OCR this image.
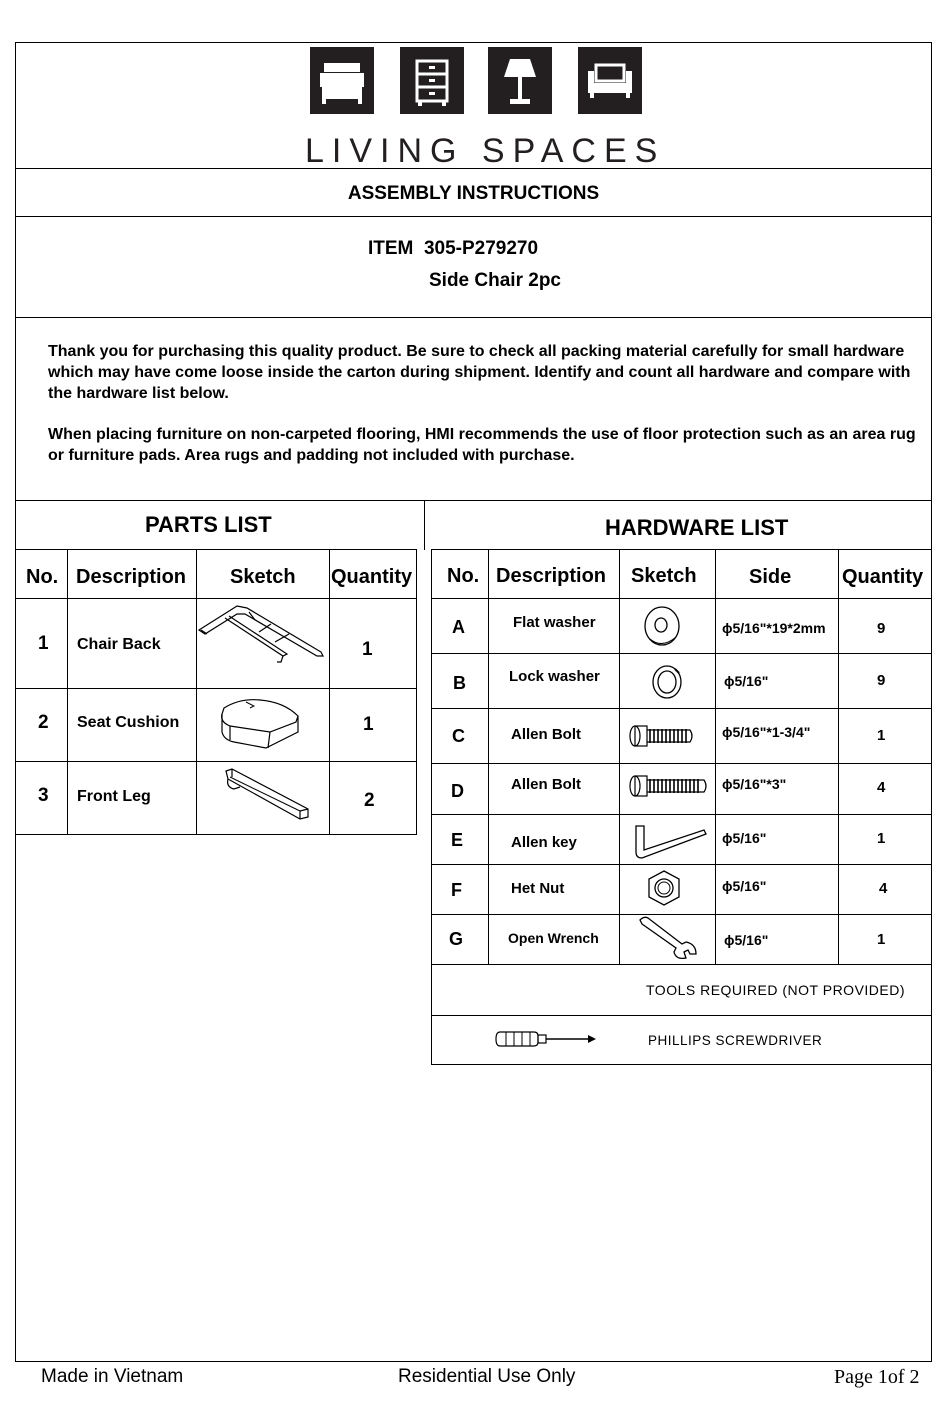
LIVING SPACES
ASSEMBLY INSTRUCTIONS
ITEM 305-P279270
Side Chair 2pc
Thank you for purchasing this quality product. Be sure to check all packing material carefully for small hardware which may have come loose inside the carton during shipment. Identify and count all hardware and compare with the hardware list below.
When placing furniture on non-carpeted flooring, HMI recommends the use of floor protection such as an area rug or furniture pads. Area rugs and padding not included with purchase.
PARTS LIST
No. Description Sketch Quantity
1 Chair Back	1
2 Seat Cushion	1
3 Front Leg	2
HARDWARE LIST
No. Description Sketch	Side	Quantity
A	Flat washer	ɸ5/16"*19*2mm	9
B	Lock washer	ɸ5/16"	9
C	Allen Bolt	ɸ5/16"*1-3/4"	1
D	Allen Bolt	ɸ5/16"*3"	4
E	Allen key	ɸ5/16"	1
F	Het Nut	ɸ5/16"	4
G	Open Wrench	ɸ5/16"	1
TOOLS REQUIRED (NOT PROVIDED)
PHILLIPS SCREWDRIVER
Made in Vietnam	Residential Use Only	Page 1of 2
